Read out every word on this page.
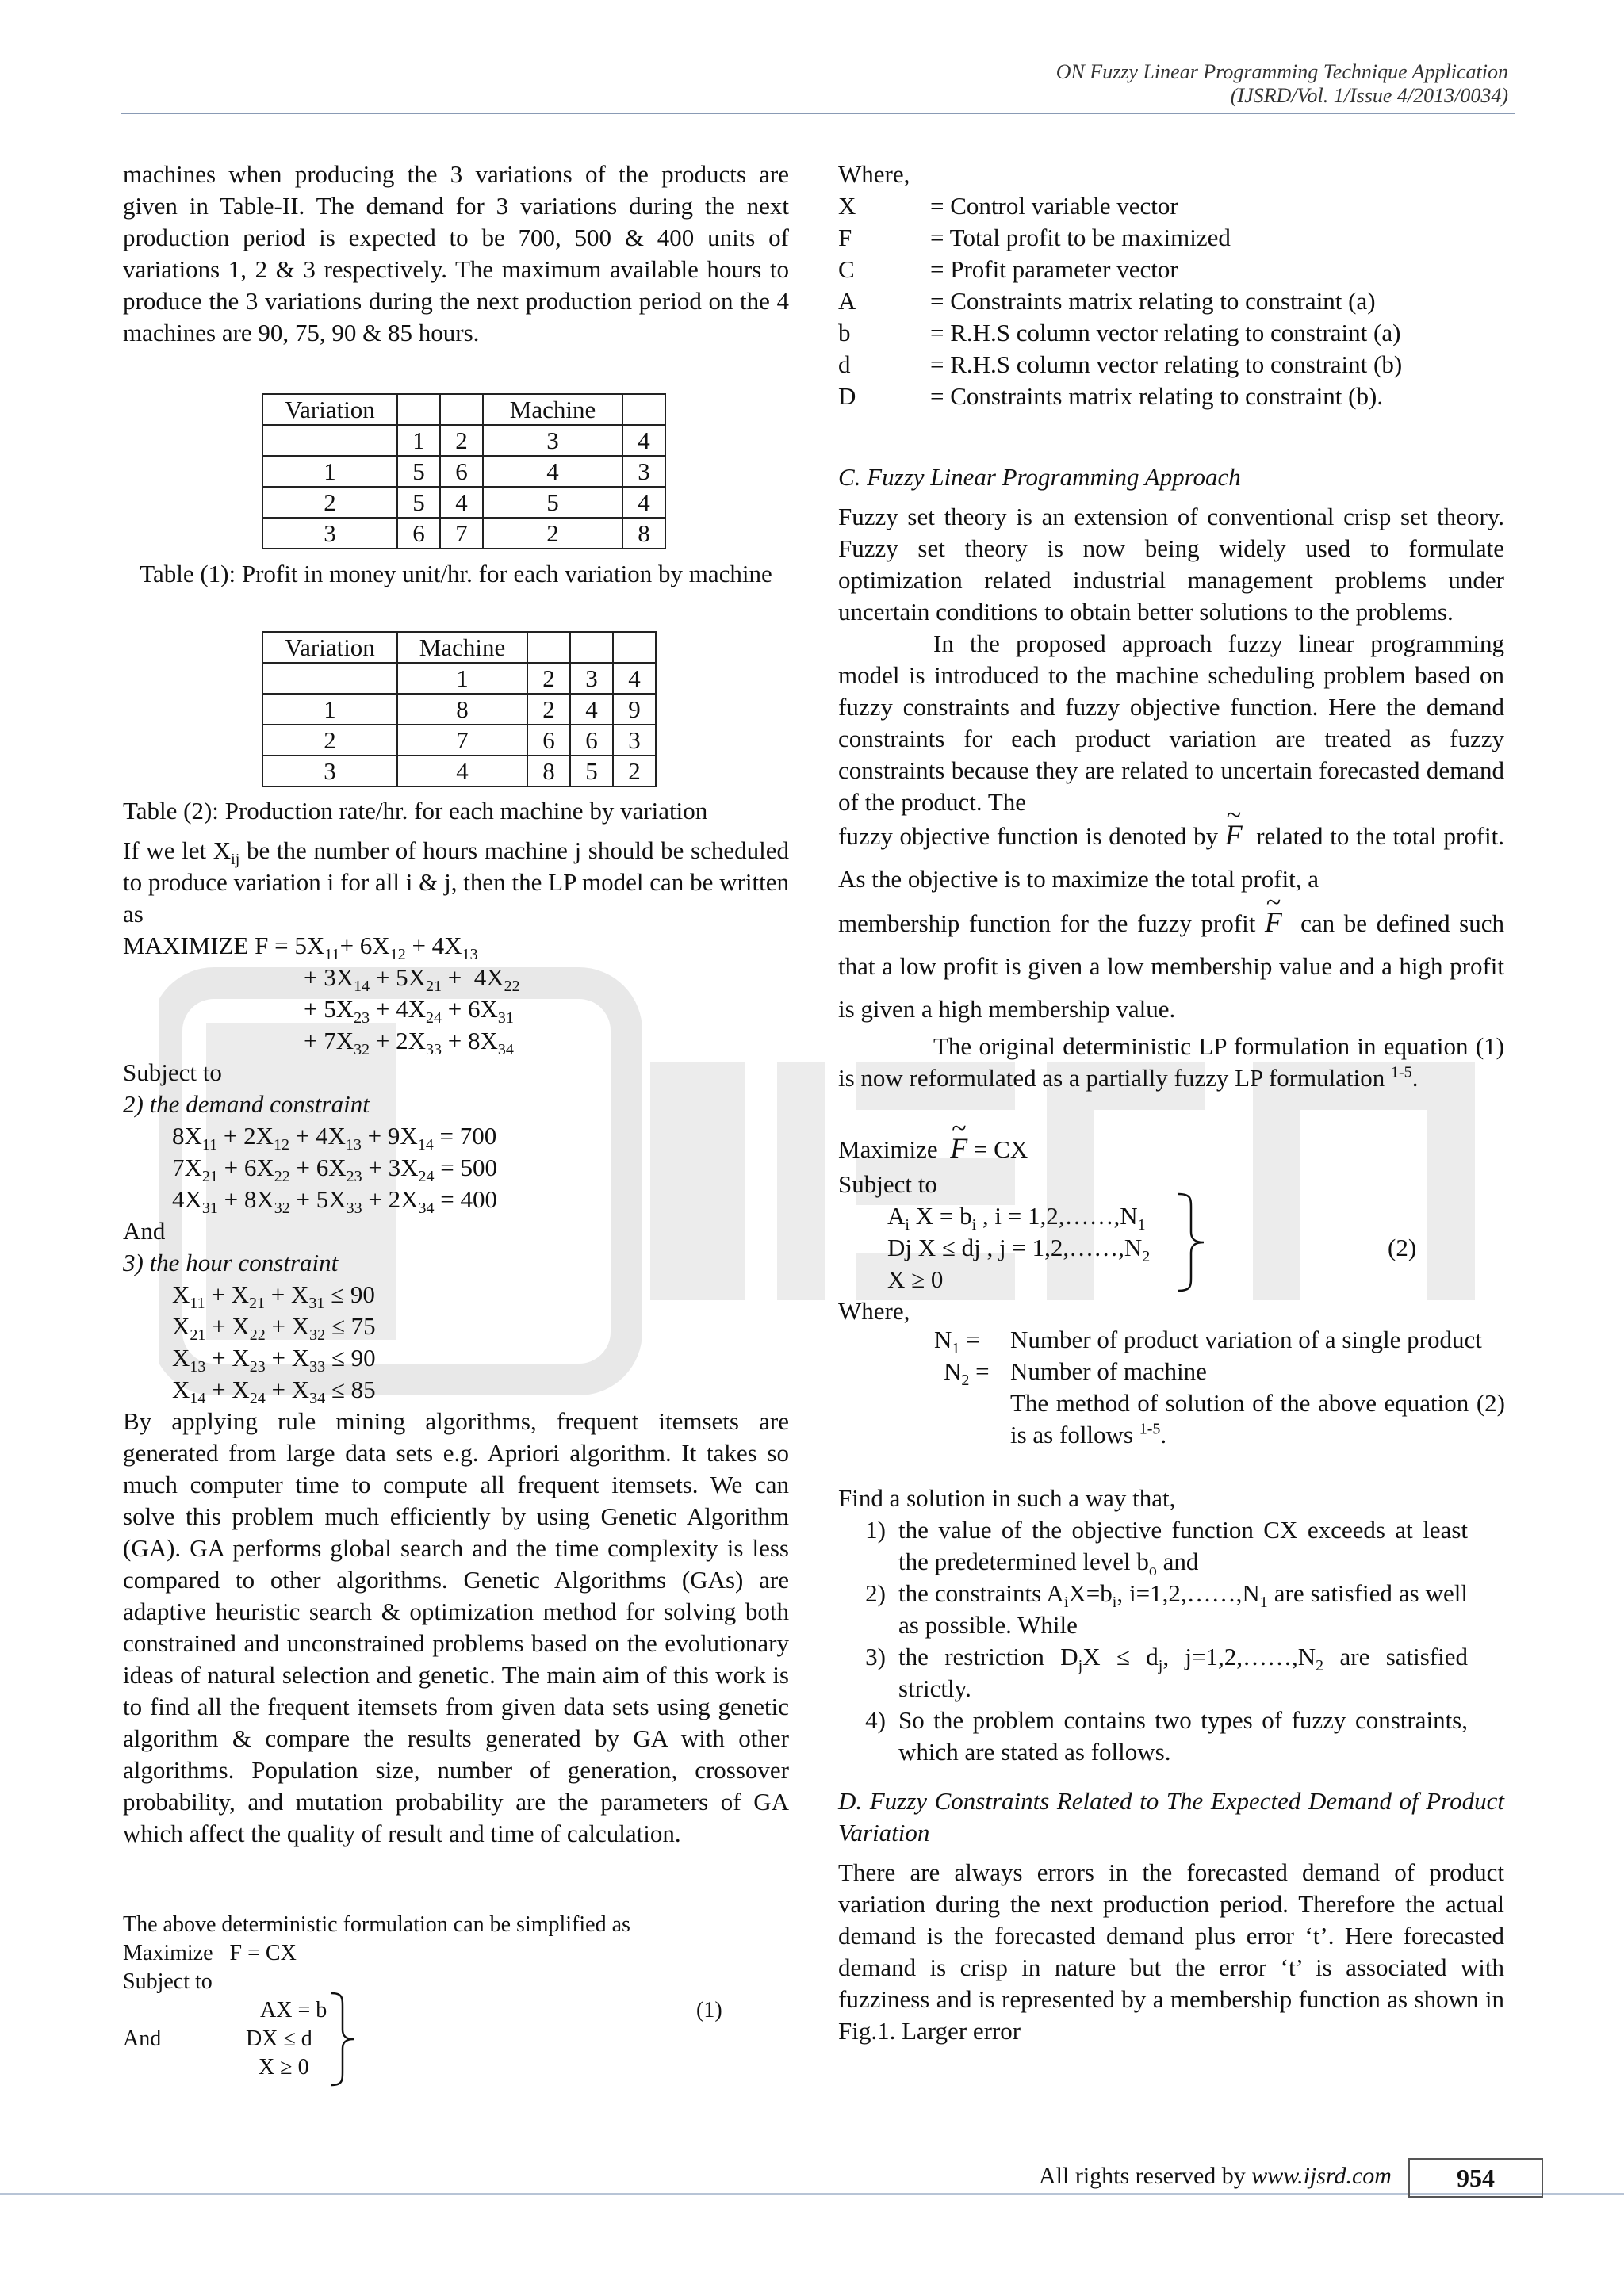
ON Fuzzy Linear Programming Technique Application
(IJSRD/Vol. 1/Issue 4/2013/0034)

machines when producing the 3 variations of the products are given in Table-II. The demand for 3 variations during the next production period is expected to be 700, 500 & 400 units of variations 1, 2 & 3 respectively. The maximum available hours to produce the 3 variations during the next production period on the 4 machines are 90, 75, 90 & 85 hours.

Variation			Machine	
	1	2	3	4
1	5	6	4	3
2	5	4	5	4
3	6	7	2	8
Table (1): Profit in money unit/hr. for each variation by machine
Variation	Machine			
	1	2	3	4
1	8	2	4	9
2	7	6	6	3
3	4	8	5	2
Table (2): Production rate/hr. for each machine by variation

If we let $X_{ij}$ be the number of hours machine j should be scheduled to produce variation i for all i & j, then the LP model can be written as

MAXIMIZE $F = 5X_{11}+ 6X_{12} + 4X_{13}$
+ $3X_{14} + 5X_{21} + 4X_{22}$
+ $5X_{23} + 4X_{24} + 6X_{31}$
+ $7X_{32} + 2X_{33} + 8X_{34}$
Subject to
2) the demand constraint
$8X_{11} + 2X_{12} + 4X_{13} + 9X_{14} = 700$
$7X_{21} + 6X_{22} + 6X_{23} + 3X_{24} = 500$
$4X_{31} + 8X_{32} + 5X_{33} + 2X_{34} = 400$
And
3) the hour constraint
$X_{11} + X_{21} + X_{31} \le 90$
$X_{21} + X_{22} + X_{32} \le 75$
$X_{13} + X_{23} + X_{33} \le 90$
$X_{14} + X_{24} + X_{34} \le 85$

By applying rule mining algorithms, frequent itemsets are generated from large data sets e.g. Apriori algorithm. It takes so much computer time to compute all frequent itemsets. We can solve this problem much efficiently by using Genetic Algorithm (GA). GA performs global search and the time complexity is less compared to other algorithms. Genetic Algorithms (GAs) are adaptive heuristic search & optimization method for solving both constrained and unconstrained problems based on the evolutionary ideas of natural selection and genetic. The main aim of this work is to find all the frequent itemsets from given data sets using genetic algorithm & compare the results generated by GA with other algorithms. Population size, number of generation, crossover probability, and mutation probability are the parameters of GA which affect the quality of result and time of calculation.

The above deterministic formulation can be simplified as
Maximize F = CX
Subject to
AX = b
And	DX ≤ d
X ≥ 0
(1)
Where,
X	= Control variable vector
F	= Total profit to be maximized
C	= Profit parameter vector
A	= Constraints matrix relating to constraint (a)
b	= R.H.S column vector relating to constraint (a)
d	= R.H.S column vector relating to constraint (b)
D	= Constraints matrix relating to constraint (b).
C. Fuzzy Linear Programming Approach

Fuzzy set theory is an extension of conventional crisp set theory. Fuzzy set theory is now being widely used to formulate optimization related industrial management problems under uncertain conditions to obtain better solutions to the problems.

In the proposed approach fuzzy linear programming model is introduced to the machine scheduling problem based on fuzzy constraints and fuzzy objective function. Here the demand constraints for each product variation are treated as fuzzy constraints because they are related to uncertain forecasted demand of the product. The

fuzzy objective function is denoted by ~ F related to the total profit. As the objective is to maximize the total profit, a

membership function for the fuzzy profit ~ F can be defined such that a low profit is given a low membership value and a high profit is given a high membership value.

The original deterministic LP formulation in equation (1) is now reformulated as a partially fuzzy LP formulation $^{1-5}$.

Maximize ~ F = CX
Subject to
$A_i$ $X = b_i$ , $i = 1,2,\dots\dots,N_1$
Dj X ≤ dj , $j = 1,2,\dots\dots,N_2$
X ≥ 0
Where,
(2)
$N_1$ =	Number of product variation of a single product
$N_2$ = Number of machine
The method of solution of the above equation (2) is as follows $^{1-5}$.
Find a solution in such a way that,
1) the value of the objective function CX exceeds at least the predetermined level $b_o$ and
2) the constraints $A_iX=b_i$, $i=1,2,\dots\dots,N_1$ are satisfied as well as possible. While
3) the restriction $D_jX \le d_j$, $j=1,2,\dots\dots,N_2$ are satisfied strictly.
4) So the problem contains two types of fuzzy constraints, which are stated as follows.
D. Fuzzy Constraints Related to The Expected Demand of Product Variation

There are always errors in the forecasted demand of product variation during the next production period. Therefore the actual demand is the forecasted demand plus error ‘t’. Here forecasted demand is crisp in nature but the error ‘t’ is associated with fuzziness and is represented by a membership function as shown in Fig.1. Larger error

All rights reserved by www.ijsrd.com	954
